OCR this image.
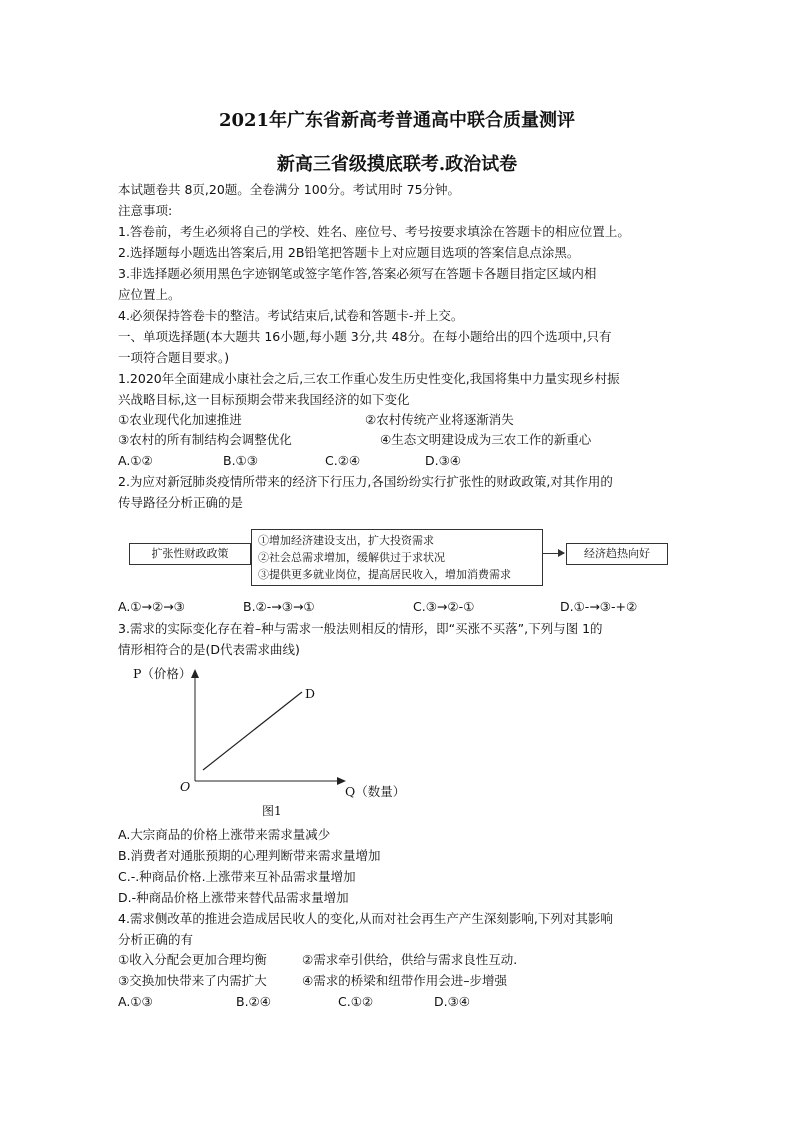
2021年广东省新高考普通高中联合质量测评
新高三省级摸底联考.政治试卷
本试题卷共 8页,20题。全卷满分 100分。考试用时 75分钟。
注意事项:
1.答卷前，考生必须将自己的学校、姓名、座位号、考号按要求填涂在答题卡的相应位置上。
2.选择题每小题选出答案后,用 2B铅笔把答题卡上对应题目选项的答案信息点涂黑。
3.非选择题必须用黑色字迹钢笔或签字笔作答,答案必须写在答题卡各题目指定区域内相
应位置上。
4.必须保持答卷卡的整洁。考试结束后,试卷和答题卡-并上交。
一、单项选择题(本大题共 16小题,每小题 3分,共 48分。在每小题给出的四个选项中,只有
一项符合题目要求。)
1.2020年全面建成小康社会之后,三农工作重心发生历史性变化,我国将集中力量实现乡村振
兴战略目标,这一目标预期会带来我国经济的如下变化
①农业现代化加速推进	②农村传统产业将逐渐消失
③农村的所有制结构会调整优化	④生态文明建设成为三农工作的新重心
A.①②	B.①③	C.②④	D.③④
2.为应对新冠肺炎疫情所带来的经济下行压力,各国纷纷实行扩张性的财政政策,对其作用的
传导路径分析正确的是
扩张性财政政策
①增加经济建设支出，扩大投资需求
②社会总需求增加，缓解供过于求状况
③提供更多就业岗位，提高居民收入，增加消费需求
经济趋热向好
A.①→②→③	B.②-→③→①	C.③→②-①	D.①-→③-+②
3.需求的实际变化存在着–种与需求一般法则相反的情形，即“买涨不买落”,下列与图 1的
情形相符合的是(D代表需求曲线)
P（价格）
D
O	Q（数量）
图1
A.大宗商品的价格上涨带来需求量减少
B.消费者对通胀预期的心理判断带来需求量增加
C.-.种商品价格.上涨带来互补品需求量增加
D.-种商品价格上涨带来替代品需求量增加
4.需求侧改革的推进会造成居民收人的变化,从而对社会再生产产生深刻影响,下列对其影响
分析正确的有
①收入分配会更加合理均衡	②需求牵引供给，供给与需求良性互动.
③交换加快带来了内需扩大	④需求的桥梁和纽带作用会进–步增强
A.①③	B.②④	C.①②	D.③④
